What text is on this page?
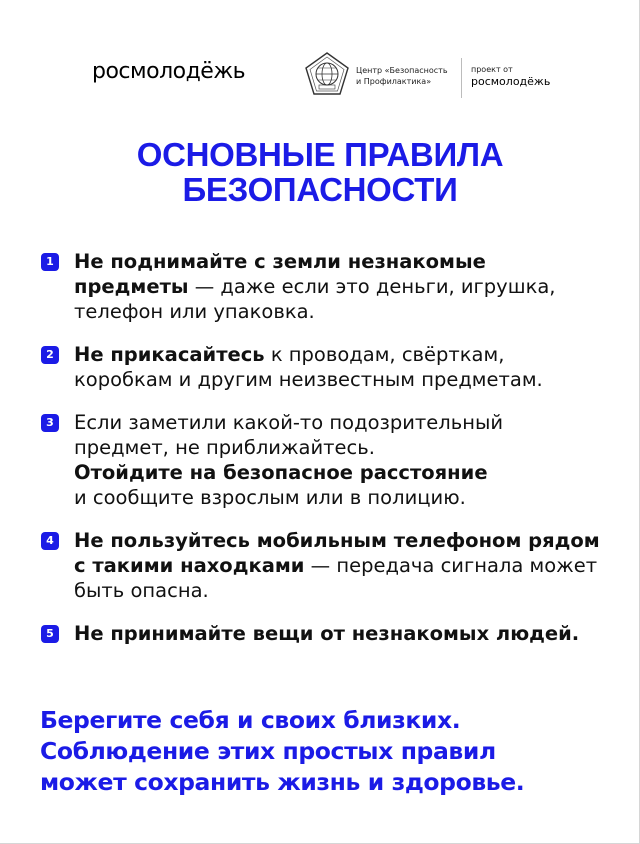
росмолодёжь	Центр «Безопасность
и Профилактика»
проект от
росмолодёжь
ОСНОВНЫЕ ПРАВИЛА
БЕЗОПАСНОСТИ
1 Не поднимайте с земли незнакомые предметы — даже если это деньги, игрушка, телефон или упаковка.
2 Не прикасайтесь к проводам, свёрткам, коробкам и другим неизвестным предметам.
3 Если заметили какой-то подозрительный предмет, не приближайтесь.
Отойдите на безопасное расстояние
и сообщите взрослым или в полицию.
4 Не пользуйтесь мобильным телефоном рядом с такими находками — передача сигнала может быть опасна.
5 Не принимайте вещи от незнакомых людей.
Берегите себя и своих близких.
Соблюдение этих простых правил
может сохранить жизнь и здоровье.
